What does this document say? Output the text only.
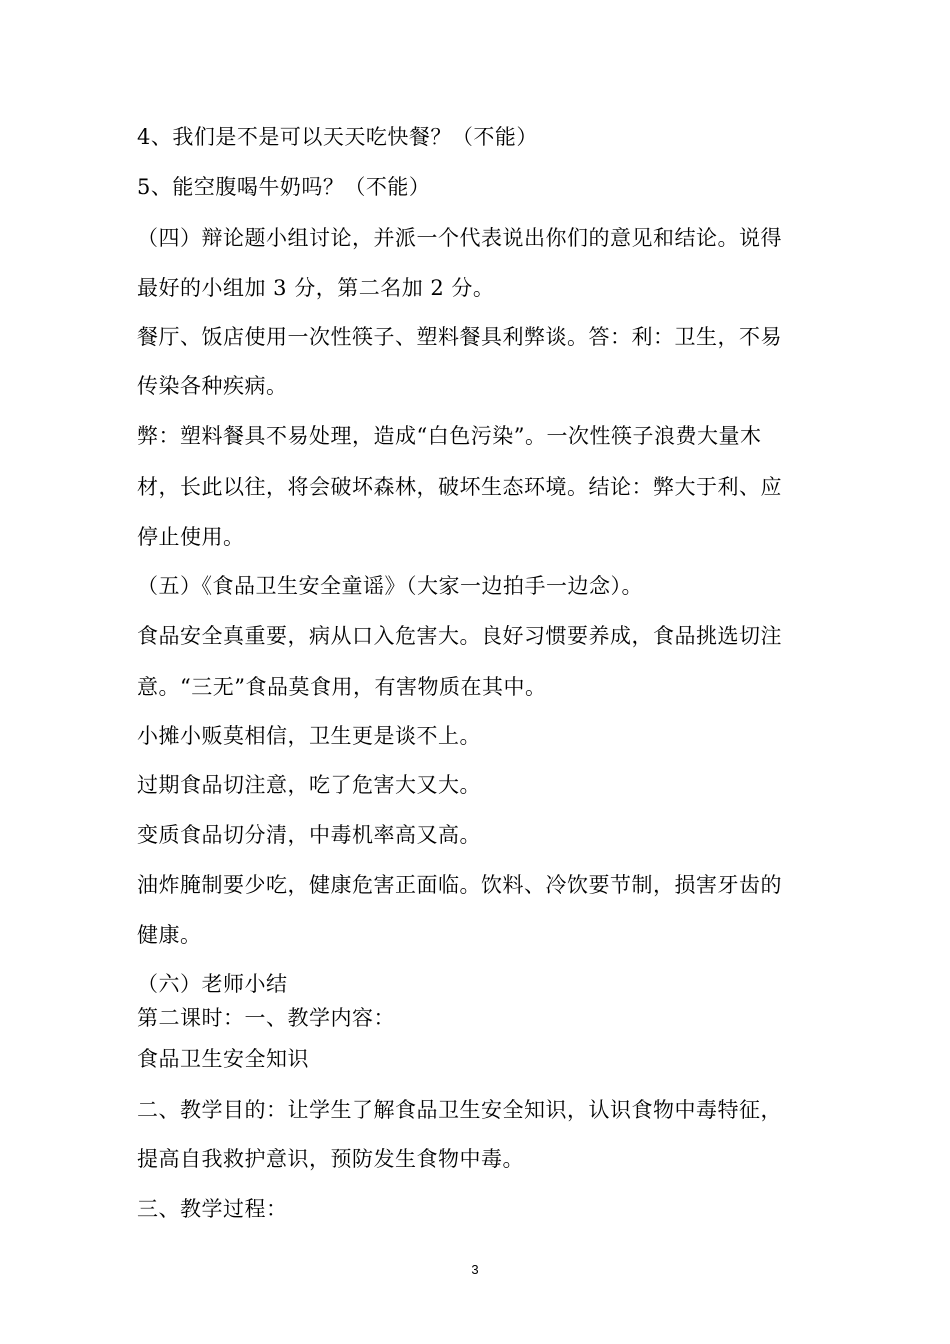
4、我们是不是可以天天吃快餐？（不能）
5、能空腹喝牛奶吗？（不能）
（四）辩论题小组讨论，并派一个代表说出你们的意见和结论。说得
最好的小组加 3 分，第二名加 2 分。
餐厅、饭店使用一次性筷子、塑料餐具利弊谈。答：利：卫生，不易
传染各种疾病。
弊：塑料餐具不易处理，造成“白色污染”。一次性筷子浪费大量木
材，长此以往，将会破坏森林，破坏生态环境。结论：弊大于利、应
停止使用。
（五）《食品卫生安全童谣》（大家一边拍手一边念）。
食品安全真重要，病从口入危害大。良好习惯要养成，食品挑选切注
意。“三无”食品莫食用，有害物质在其中。
小摊小贩莫相信，卫生更是谈不上。
过期食品切注意，吃了危害大又大。
变质食品切分清，中毒机率高又高。
油炸腌制要少吃，健康危害正面临。饮料、冷饮要节制，损害牙齿的
健康。
（六）老师小结
第二课时：一、教学内容：
食品卫生安全知识
二、教学目的：让学生了解食品卫生安全知识，认识食物中毒特征，
提高自我救护意识，预防发生食物中毒。
三、教学过程：
3
